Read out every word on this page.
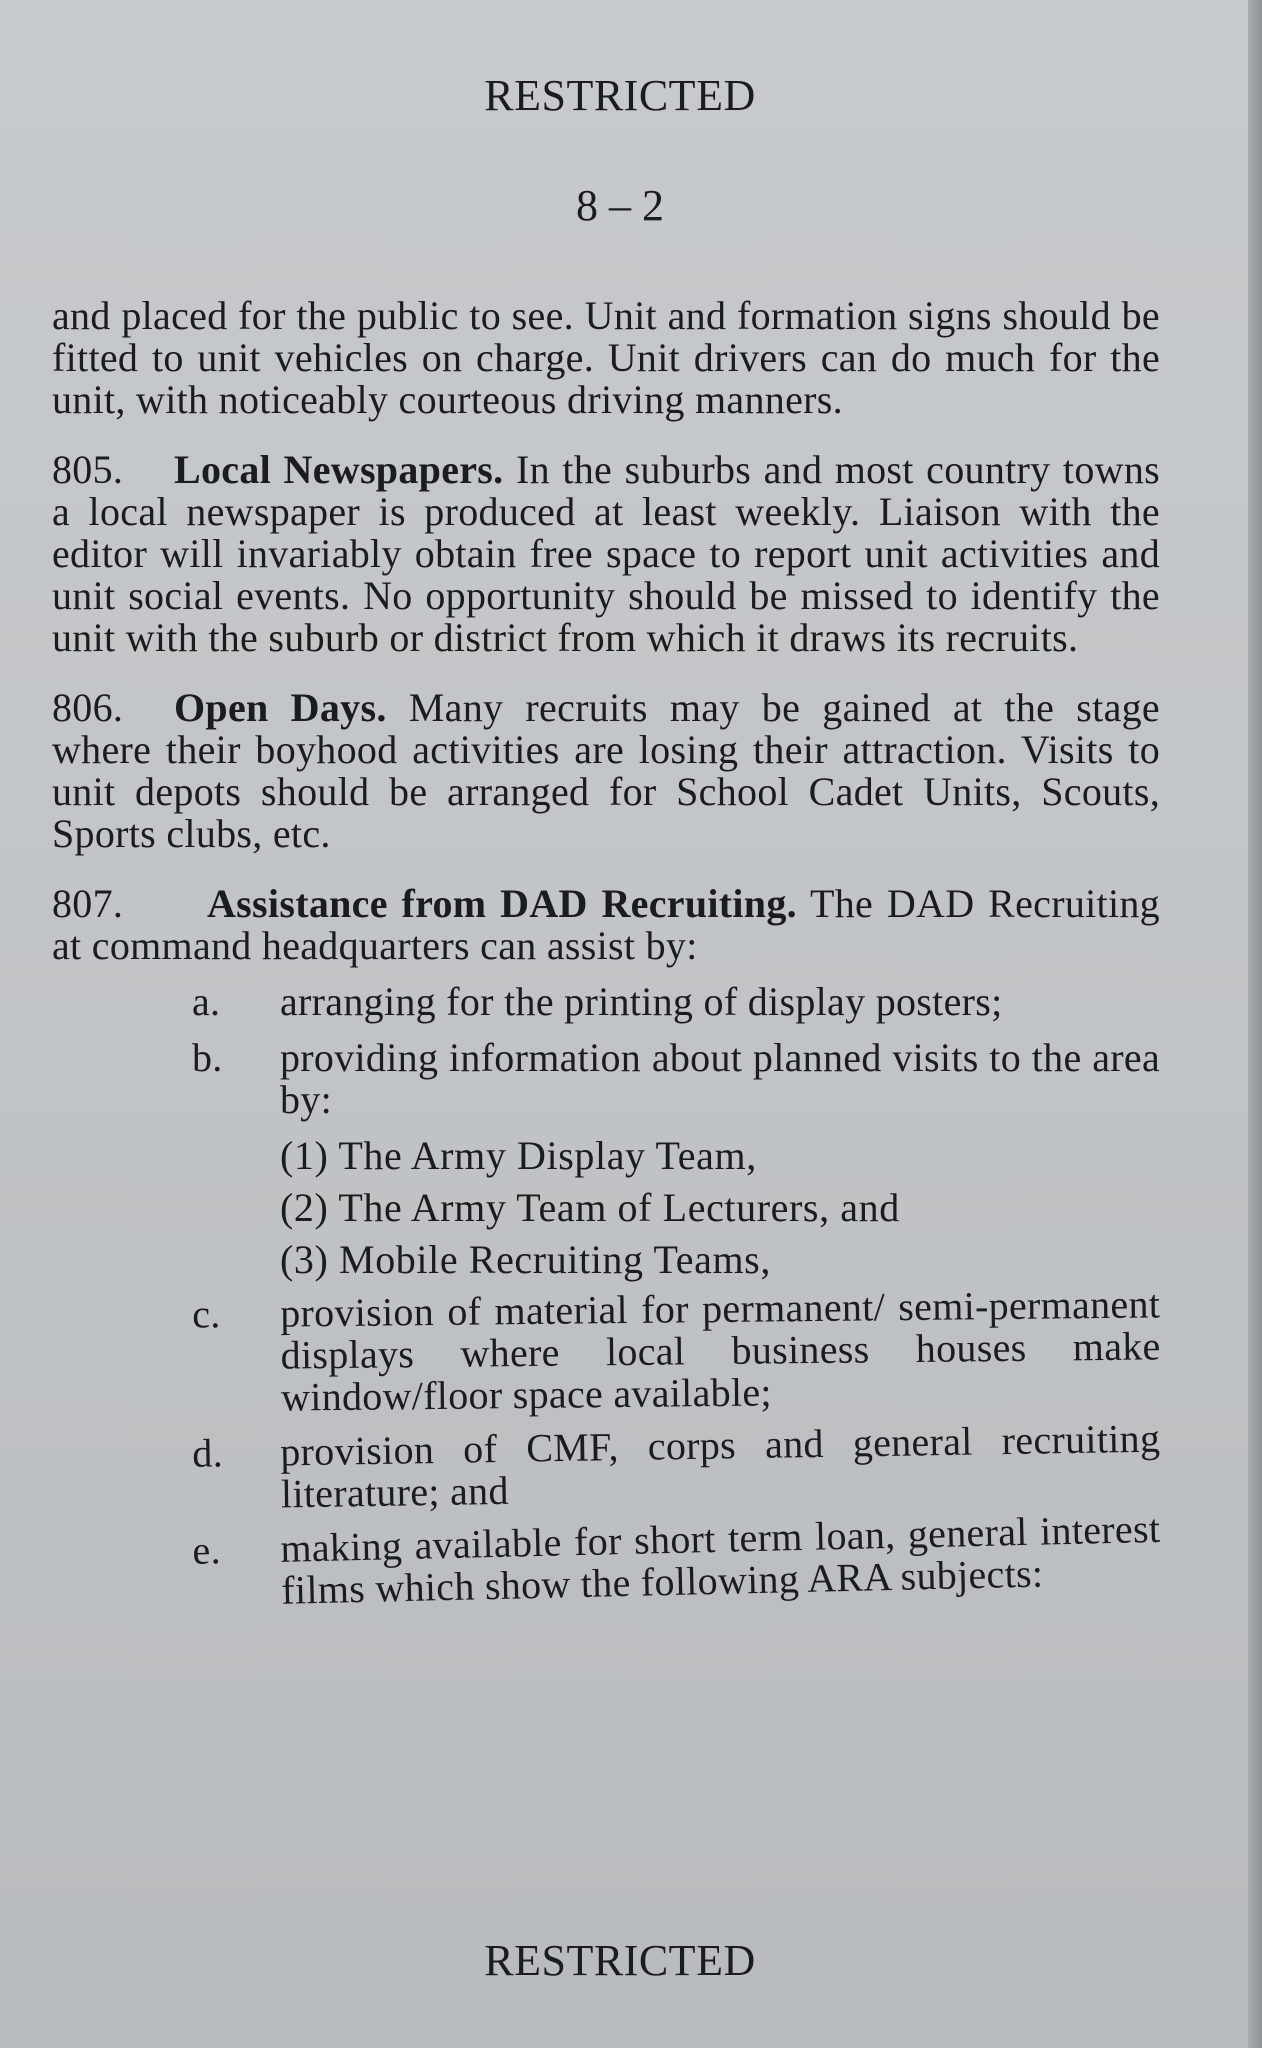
RESTRICTED
8 – 2

and placed for the public to see. Unit and formation signs should be fitted to unit vehicles on charge. Unit drivers can do much for the unit, with noticeably courteous driving manners.

805. Local Newspapers. In the suburbs and most country towns a local newspaper is produced at least weekly. Liaison with the editor will invariably obtain free space to report unit activities and unit social events. No opportunity should be missed to identify the unit with the suburb or district from which it draws its recruits.

806. Open Days. Many recruits may be gained at the stage where their boyhood activities are losing their attraction. Visits to unit depots should be arranged for School Cadet Units, Scouts, Sports clubs, etc.

807. Assistance from DAD Recruiting. The DAD Recruiting at command headquarters can assist by:

a. arranging for the printing of display posters;
b. providing information about planned visits to the area by:
(1) The Army Display Team,
(2) The Army Team of Lecturers, and
(3) Mobile Recruiting Teams,
c. provision of material for permanent/ semi-permanent displays where local business houses make window/floor space available;
d. provision of CMF, corps and general recruiting literature; and
e. making available for short term loan, general interest films which show the following ARA subjects:
RESTRICTED
